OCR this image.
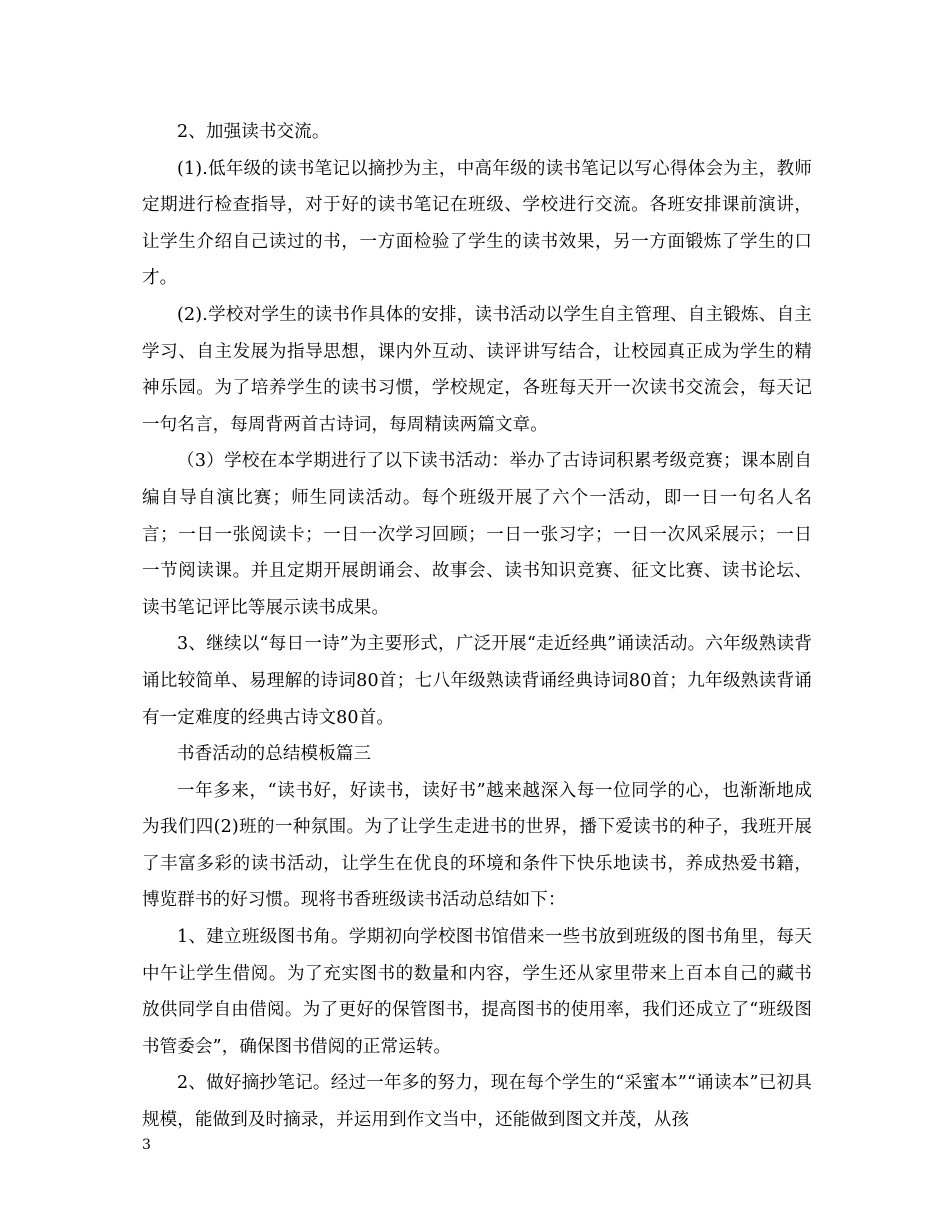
2、加强读书交流。

(1).低年级的读书笔记以摘抄为主，中高年级的读书笔记以写心得体会为主，教师定期进行检查指导，对于好的读书笔记在班级、学校进行交流。各班安排课前演讲，让学生介绍自己读过的书，一方面检验了学生的读书效果，另一方面锻炼了学生的口才。

(2).学校对学生的读书作具体的安排，读书活动以学生自主管理、自主锻炼、自主学习、自主发展为指导思想，课内外互动、读评讲写结合，让校园真正成为学生的精神乐园。为了培养学生的读书习惯，学校规定，各班每天开一次读书交流会，每天记一句名言，每周背两首古诗词，每周精读两篇文章。

（3）学校在本学期进行了以下读书活动：举办了古诗词积累考级竞赛；课本剧自编自导自演比赛；师生同读活动。每个班级开展了六个一活动，即一日一句名人名言；一日一张阅读卡；一日一次学习回顾；一日一张习字；一日一次风采展示；一日一节阅读课。并且定期开展朗诵会、故事会、读书知识竞赛、征文比赛、读书论坛、读书笔记评比等展示读书成果。

3、继续以“每日一诗”为主要形式，广泛开展“走近经典”诵读活动。六年级熟读背诵比较简单、易理解的诗词80首；七八年级熟读背诵经典诗词80首；九年级熟读背诵有一定难度的经典古诗文80首。

书香活动的总结模板篇三

一年多来，“读书好，好读书，读好书”越来越深入每一位同学的心，也渐渐地成为我们四(2)班的一种氛围。为了让学生走进书的世界，播下爱读书的种子，我班开展了丰富多彩的读书活动，让学生在优良的环境和条件下快乐地读书，养成热爱书籍，博览群书的好习惯。现将书香班级读书活动总结如下：

1、建立班级图书角。学期初向学校图书馆借来一些书放到班级的图书角里，每天中午让学生借阅。为了充实图书的数量和内容，学生还从家里带来上百本自己的藏书放供同学自由借阅。为了更好的保管图书，提高图书的使用率，我们还成立了“班级图书管委会”，确保图书借阅的正常运转。

2、做好摘抄笔记。经过一年多的努力，现在每个学生的“采蜜本”“诵读本”已初具规模，能做到及时摘录，并运用到作文当中，还能做到图文并茂，从孩

3
